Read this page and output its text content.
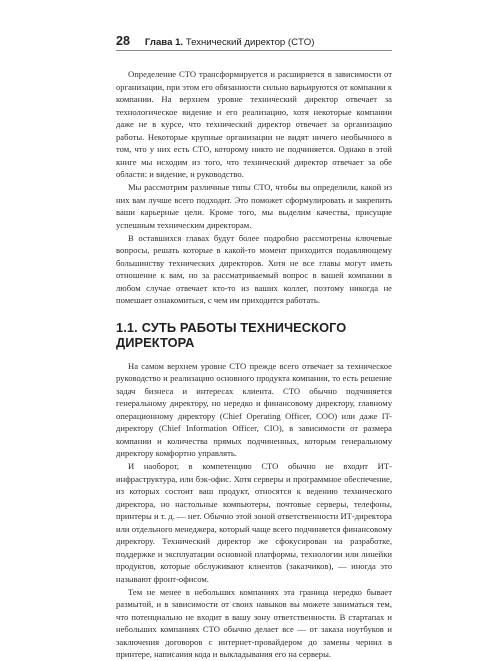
28 Глава 1. Технический директор (CTO)

Определение CTO трансформируется и расширяется в зависимости от организации, при этом его обязанности сильно варьируются от компании к компании. На верхнем уровне технический директор отвечает за технологическое видение и его реализацию, хотя некоторые компании даже не в курсе, что технический директор отвечает за организацию работы. Некоторые крупные организации не видят ничего необычного в том, что у них есть CTO, которому никто не подчиняется. Однако в этой книге мы исходим из того, что технический директор отвечает за обе области: и видение, и руководство.

Мы рассмотрим различные типы CTO, чтобы вы определили, какой из них вам лучше всего подходит. Это поможет сформулировать и закрепить ваши карьерные цели. Кроме того, мы выделим качества, присущие успешным техническим директорам.

В оставшихся главах будут более подробно рассмотрены ключевые вопросы, решать которые в какой-то момент приходится подавляющему большинству технических директоров. Хотя не все главы могут иметь отношение к вам, но за рассматриваемый вопрос в вашей компании в любом случае отвечает кто-то из ваших коллег, поэтому никогда не помешает ознакомиться, с чем им приходится работать.

1.1. СУТЬ РАБОТЫ ТЕХНИЧЕСКОГО ДИРЕКТОРА

На самом верхнем уровне CTO прежде всего отвечает за техническое руководство и реализацию основного продукта компании, то есть решение задач бизнеса и интересах клиента. CTO обычно подчиняется генеральному директору, но нередко и финансовому директору, главному операционному директору (Chief Operating Officer, COO) или даже IT-директору (Chief Information Officer, CIO), в зависимости от размера компании и количества прямых подчиненных, которым генеральному директору комфортно управлять.

И наоборот, в компетенцию CTO обычно не входит ИТ-инфраструктура, или бэк-офис. Хотя серверы и программное обеспечение, из которых состоит ваш продукт, относятся к ведению технического директора, но настольные компьютеры, почтовые серверы, телефоны, принтеры и т. д. — нет. Обычно этой зоной ответственности ИТ-директора или отдельного менеджера, который чаще всего подчиняется финансовому директору. Технический директор же сфокусирован на разработке, поддержке и эксплуатации основной платформы, технологии или линейки продуктов, которые обслуживают клиентов (заказчиков), — иногда это называют фронт-офисом.

Тем не менее в небольших компаниях эта граница нередко бывает размытой, и в зависимости от своих навыков вы можете заниматься тем, что потенциально не входит в вашу зону ответственности. В стартапах и небольших компаниях CTO обычно делает все — от заказа ноутбуков и заключения договоров с интернет-провайдером до замены чернил в принтере, написания кода и выкладывания его на серверы.
